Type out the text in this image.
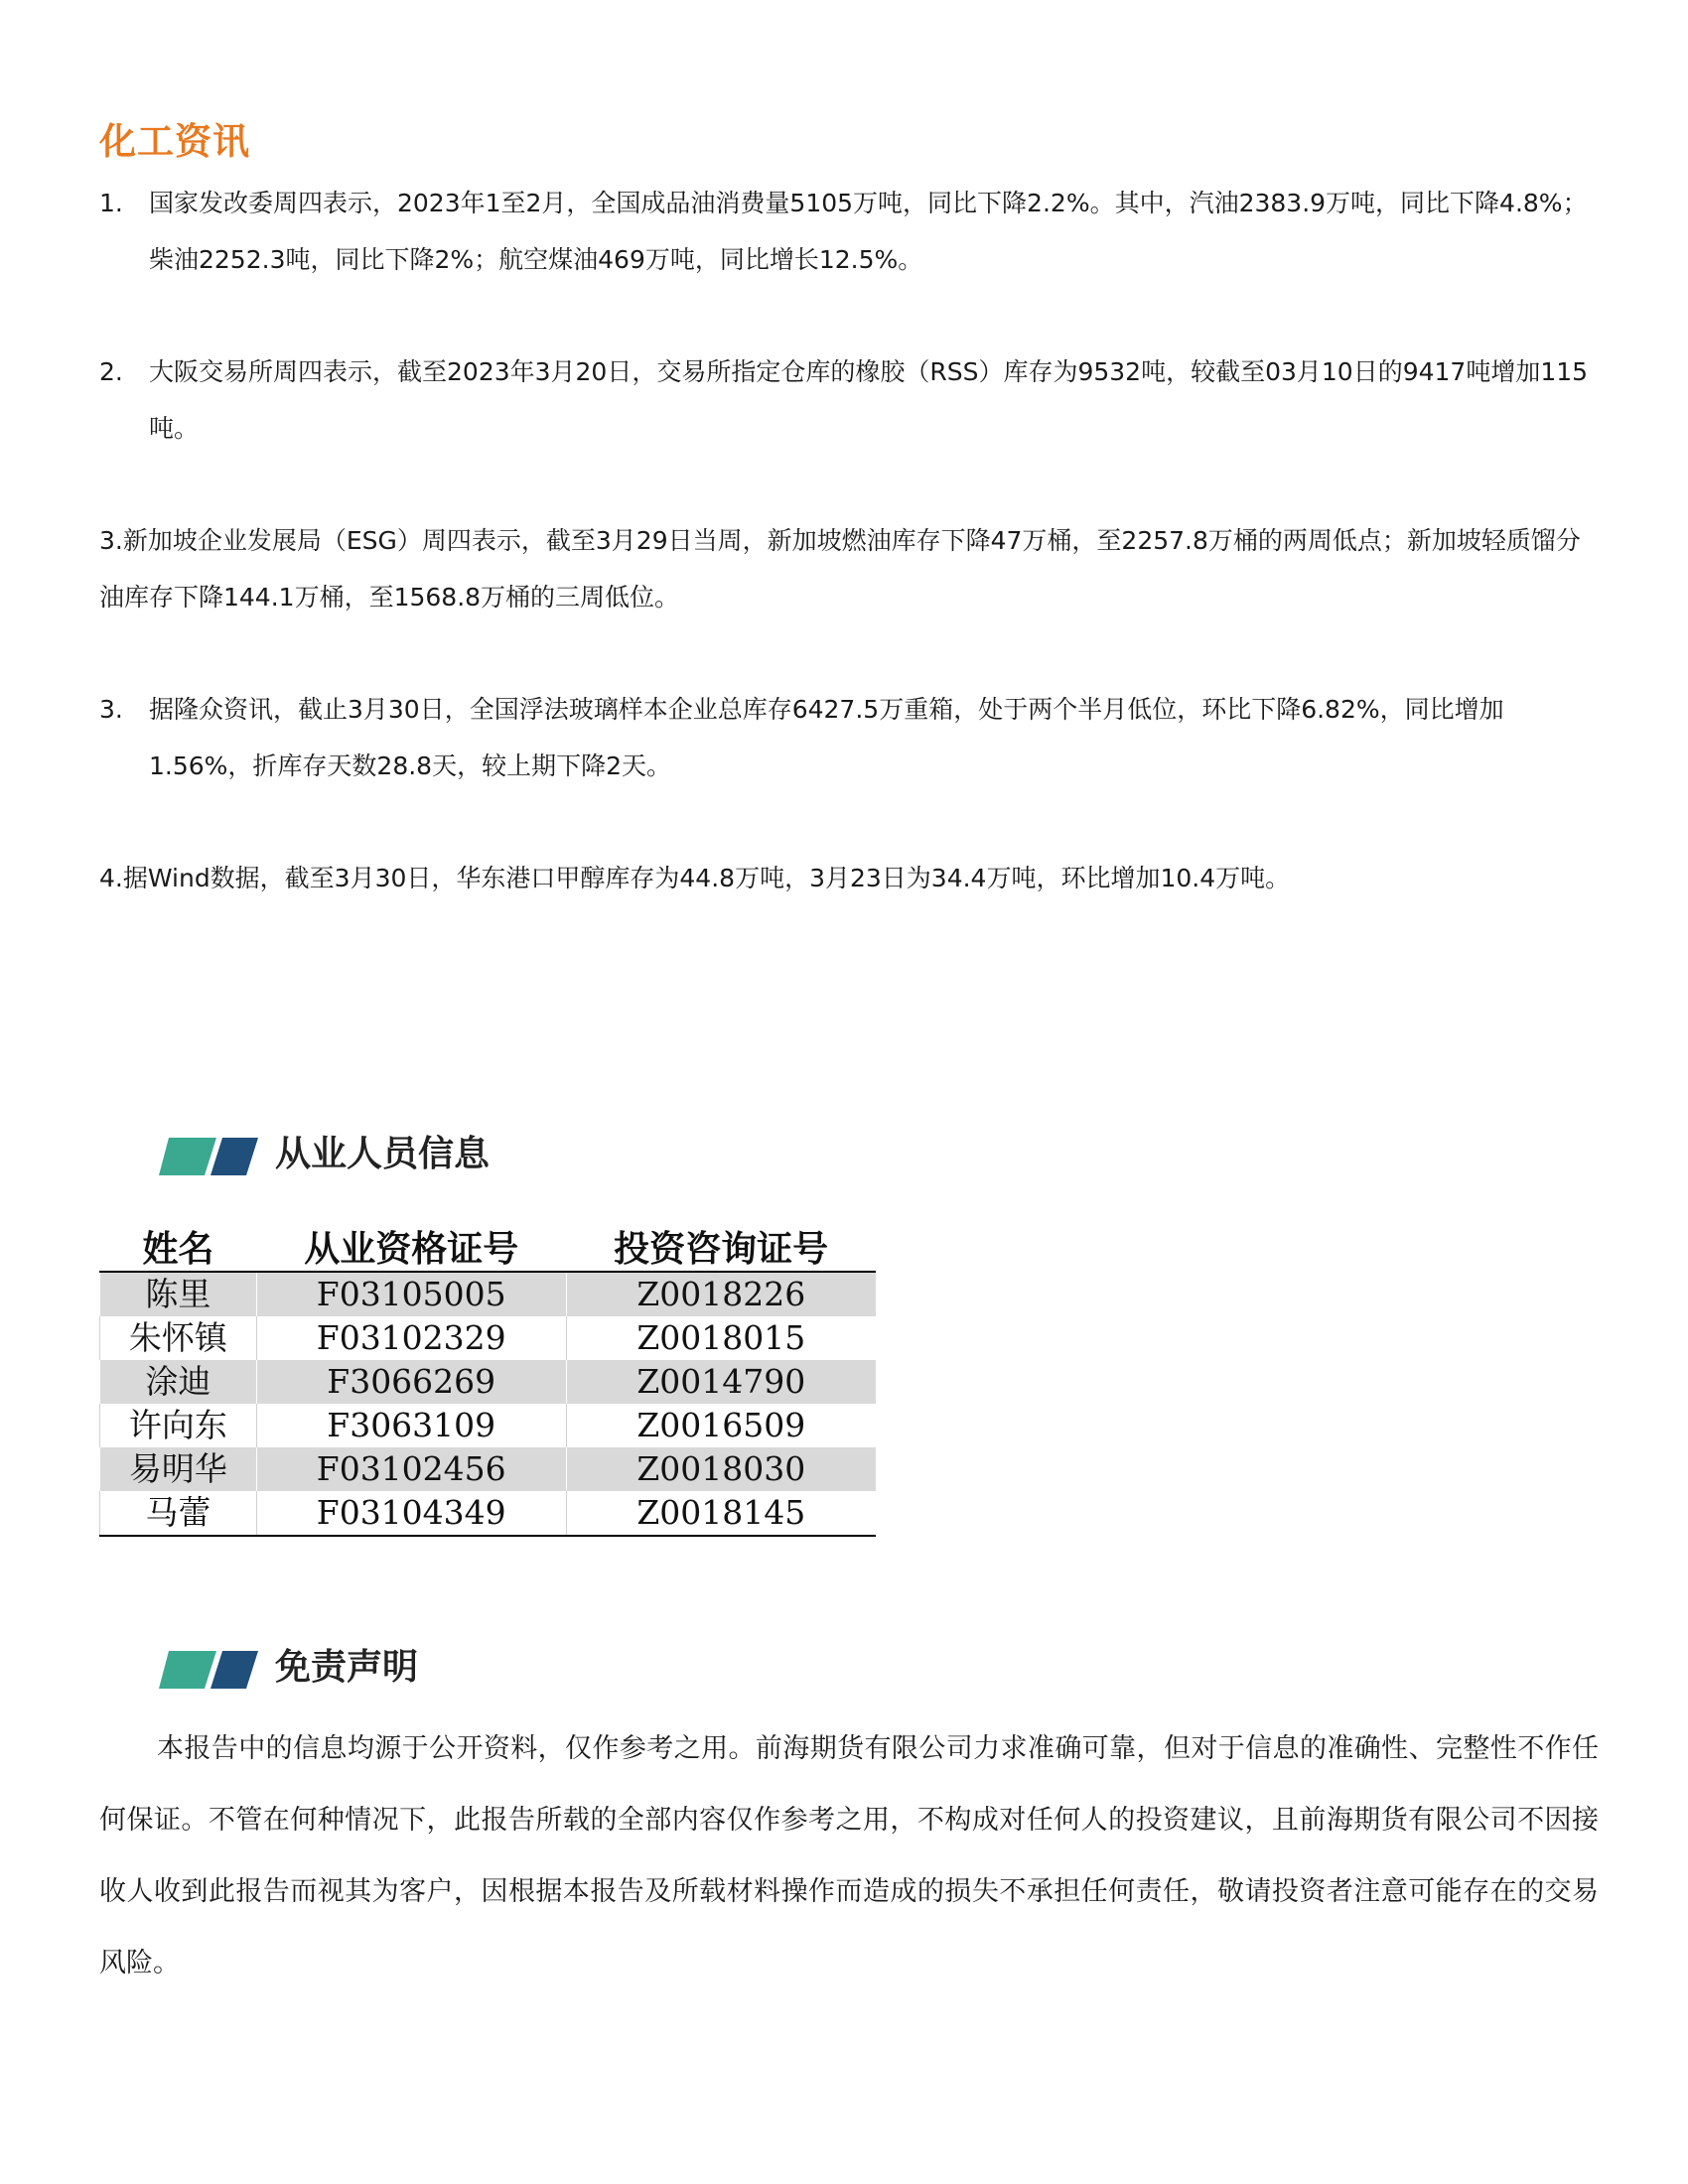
化工资讯
1.	国家发改委周四表示，2023年1至2月，全国成品油消费量5105万吨，同比下降2.2%。其中，汽油2383.9万吨，同比下降4.8%；柴油2252.3吨，同比下降2%；航空煤油469万吨，同比增长12.5%。
2.	大阪交易所周四表示，截至2023年3月20日，交易所指定仓库的橡胶（RSS）库存为9532吨，较截至03月10日的9417吨增加115吨。
3.新加坡企业发展局（ESG）周四表示，截至3月29日当周，新加坡燃油库存下降47万桶，至2257.8万桶的两周低点；新加坡轻质馏分油库存下降144.1万桶，至1568.8万桶的三周低位。
3.	据隆众资讯，截止3月30日，全国浮法玻璃样本企业总库存6427.5万重箱，处于两个半月低位，环比下降6.82%，同比增加1.56%，折库存天数28.8天，较上期下降2天。
4.据Wind数据，截至3月30日，华东港口甲醇库存为44.8万吨，3月23日为34.4万吨，环比增加10.4万吨。
从业人员信息
姓名	从业资格证号	投资咨询证号
陈里	F03105005	Z0018226
朱怀镇	F03102329	Z0018015
涂迪	F3066269	Z0014790
许向东	F3063109	Z0016509
易明华	F03102456	Z0018030
马蕾	F03104349	Z0018145
免责声明
本报告中的信息均源于公开资料，仅作参考之用。前海期货有限公司力求准确可靠，但对于信息的准确性、完整性不作任何保证。不管在何种情况下，此报告所载的全部内容仅作参考之用，不构成对任何人的投资建议，且前海期货有限公司不因接收人收到此报告而视其为客户，因根据本报告及所载材料操作而造成的损失不承担任何责任，敬请投资者注意可能存在的交易风险。
